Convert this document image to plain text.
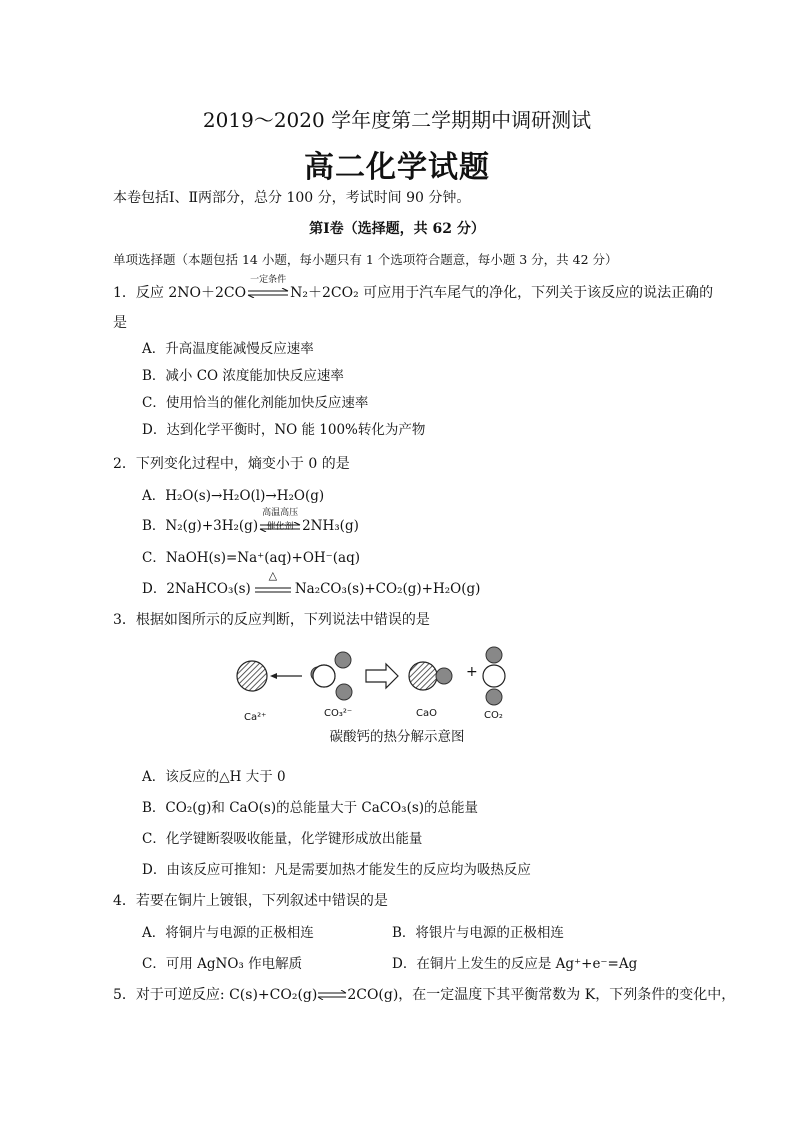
2019～2020 学年度第二学期期中调研测试
高二化学试题
本卷包括Ⅰ、Ⅱ两部分，总分 100 分，考试时间 90 分钟。
第Ⅰ卷（选择题，共 62 分）
单项选择题（本题包括 14 小题，每小题只有 1 个选项符合题意，每小题 3 分，共 42 分）
1．反应 2NO＋2CO
一定条件
N₂＋2CO₂ 可应用于汽车尾气的净化，下列关于该反应的说法正确的
是
A．升高温度能减慢反应速率
B．减小 CO 浓度能加快反应速率
C．使用恰当的催化剂能加快反应速率
D．达到化学平衡时，NO 能 100%转化为产物
2．下列变化过程中，熵变小于 0 的是
A．H₂O(s)→H₂O(l)→H₂O(g)
B．N₂(g)+3H₂(g)
高温高压
催化剂 2NH₃(g)
C．NaOH(s)=Na⁺(aq)+OH⁻(aq)
D．2NaHCO₃(s)
△
Na₂CO₃(s)+CO₂(g)+H₂O(g)
3．根据如图所示的反应判断，下列说法中错误的是
Ca²⁺	CO₃²⁻	CaO
+
CO₂
碳酸钙的热分解示意图
A．该反应的△H 大于 0
B．CO₂(g)和 CaO(s)的总能量大于 CaCO₃(s)的总能量
C．化学键断裂吸收能量，化学键形成放出能量
D．由该反应可推知：凡是需要加热才能发生的反应均为吸热反应
4．若要在铜片上镀银，下列叙述中错误的是
A．将铜片与电源的正极相连	B．将银片与电源的正极相连
C．可用 AgNO₃ 作电解质	D．在铜片上发生的反应是 Ag⁺+e⁻=Ag
5．对于可逆反应: C(s)+CO₂(g)⇌2CO(g)，在一定温度下其平衡常数为 K，下列条件的变化中，
